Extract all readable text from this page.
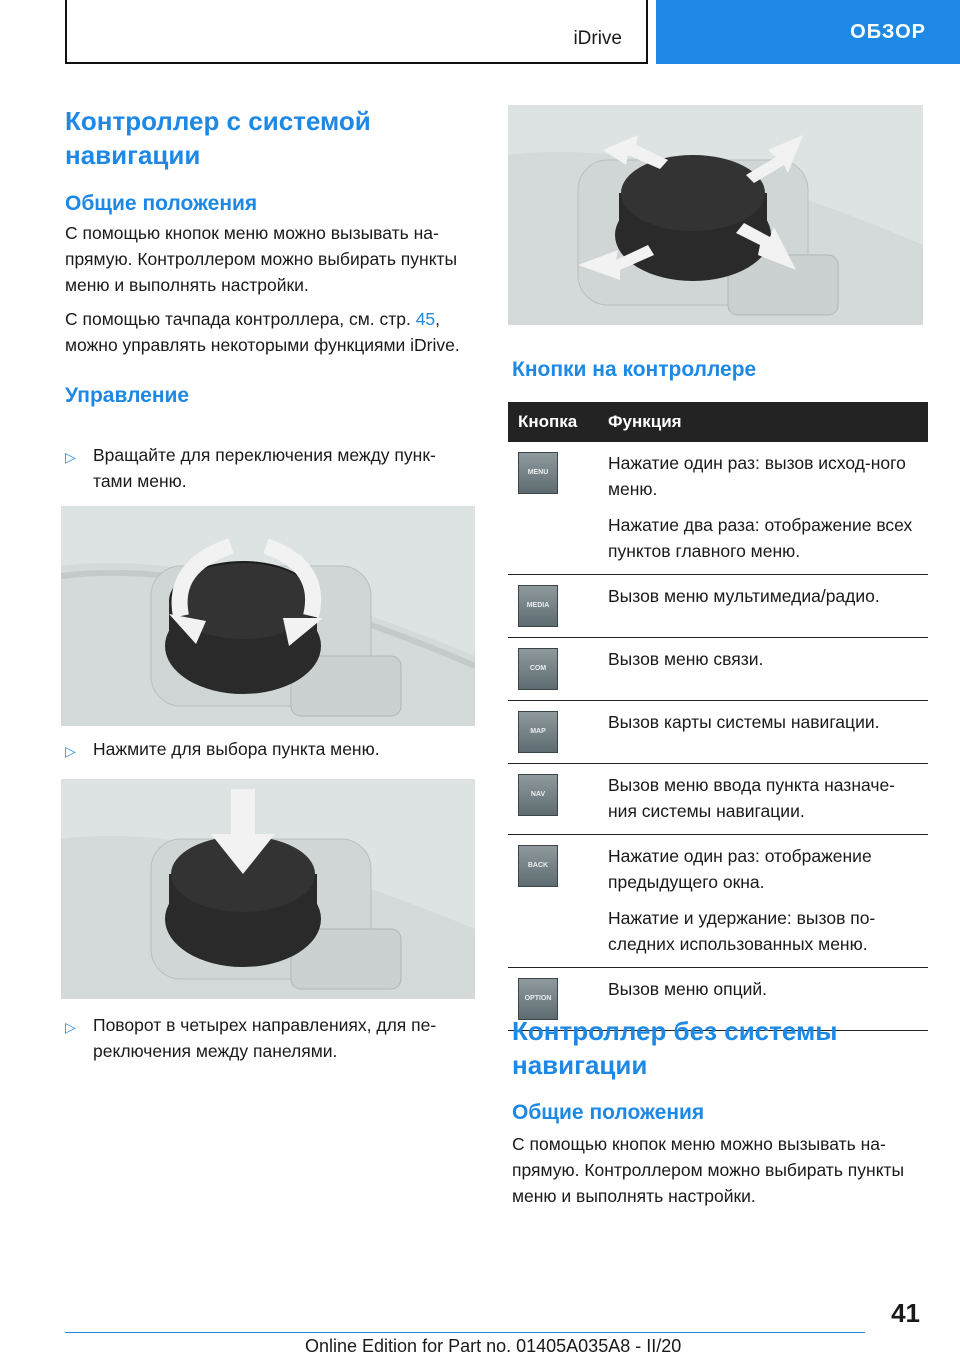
iDrive	ОБЗОР
Контроллер с системой навигации
Общие положения
С помощью кнопок меню можно вызывать на-прямую. Контроллером можно выбирать пункты меню и выполнять настройки.
С помощью тачпада контроллера, см. стр. 45, можно управлять некоторыми функциями iDrive.
Управление
▷ Вращайте для переключения между пунк-тами меню.
▷ Нажмите для выбора пункта меню.
▷ Поворот в четырех направлениях, для пе-реключения между панелями.
Кнопки на контроллере
Кнопка	Функция

MENU	Нажатие один раз: вызов исход-ного меню.
Нажатие два раза: отображение всех пунктов главного меню.

MEDIA	Вызов меню мультимедиа/радио.

COM	Вызов меню связи.

MAP	Вызов карты системы навигации.

NAV	Вызов меню ввода пункта назначе-ния системы навигации.

BACK	Нажатие один раз: отображение предыдущего окна.
Нажатие и удержание: вызов по-следних использованных меню.

OPTION	Вызов меню опций.
Контроллер без системы навигации
Общие положения
С помощью кнопок меню можно вызывать на-прямую. Контроллером можно выбирать пункты меню и выполнять настройки.
41
Online Edition for Part no. 01405A035A8 - II/20
